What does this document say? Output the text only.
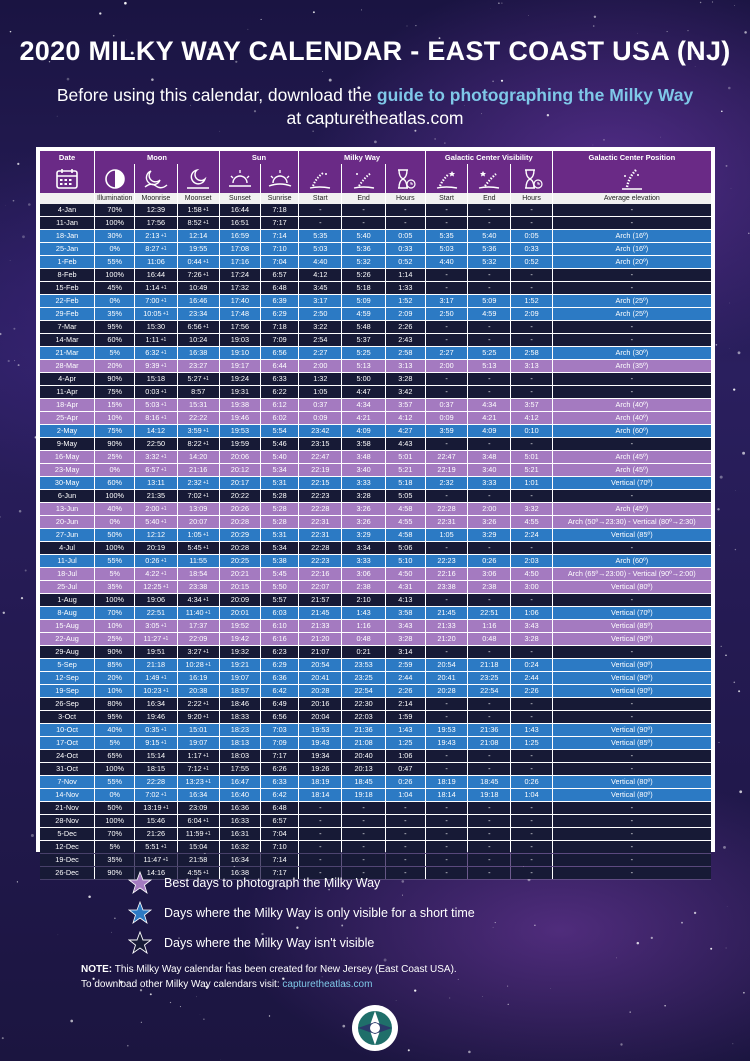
2020 MILKY WAY CALENDAR - EAST COAST USA (NJ)
Before using this calendar, download the guide to photographing the Milky Way
at capturetheatlas.com
Date	Moon			Sun		Milky Way			Galactic Center Visibility			Galactic Center Position

	Illumination	Moonrise	Moonset	Sunset	Sunrise	Start	End	Hours	Start	End	Hours	Average elevation
4-Jan	70%	12:39	1:58 $^{+1}$	16:44	7:18	-	-	-	-	-	-	-
11-Jan	100%	17:56	8:52 $^{+1}$	16:51	7:17	-	-	-	-	-	-	-
18-Jan	30%	2:13 $^{+1}$	12:14	16:59	7:14	5:35	5:40	0:05	5:35	5:40	0:05	Arch (16º)
25-Jan	0%	8:27 $^{+1}$	19:55	17:08	7:10	5:03	5:36	0:33	5:03	5:36	0:33	Arch (16º)
1-Feb	55%	11:06	0:44 $^{+1}$	17:16	7:04	4:40	5:32	0:52	4:40	5:32	0:52	Arch (20º)
8-Feb	100%	16:44	7:26 $^{+1}$	17:24	6:57	4:12	5:26	1:14	-	-	-	-
15-Feb	45%	1:14 $^{+1}$	10:49	17:32	6:48	3:45	5:18	1:33	-	-	-	-
22-Feb	0%	7:00 $^{+1}$	16:46	17:40	6:39	3:17	5:09	1:52	3:17	5:09	1:52	Arch (25º)
29-Feb	35%	10:05 $^{+1}$	23:34	17:48	6:29	2:50	4:59	2:09	2:50	4:59	2:09	Arch (25º)
7-Mar	95%	15:30	6:56 $^{+1}$	17:56	7:18	3:22	5:48	2:26	-	-	-	-
14-Mar	60%	1:11 $^{+1}$	10:24	19:03	7:09	2:54	5:37	2:43	-	-	-	-
21-Mar	5%	6:32 $^{+1}$	16:38	19:10	6:56	2:27	5:25	2:58	2:27	5:25	2:58	Arch (30º)
28-Mar	20%	9:39 $^{+1}$	23:27	19:17	6:44	2:00	5:13	3:13	2:00	5:13	3:13	Arch (35º)
4-Apr	90%	15:18	5:27 $^{+1}$	19:24	6:33	1:32	5:00	3:28	-	-	-	-
11-Apr	75%	0:03 $^{+1}$	8:57	19:31	6:22	1:05	4:47	3:42	-	-	-	-
18-Apr	15%	5:03 $^{+1}$	15:31	19:38	6:12	0:37	4:34	3:57	0:37	4:34	3:57	Arch (40º)
25-Apr	10%	8:16 $^{+1}$	22:22	19:46	6:02	0:09	4:21	4:12	0:09	4:21	4:12	Arch (40º)
2-May	75%	14:12	3:59 $^{+1}$	19:53	5:54	23:42	4:09	4:27	3:59	4:09	0:10	Arch (60º)
9-May	90%	22:50	8:22 $^{+1}$	19:59	5:46	23:15	3:58	4:43	-	-	-	-
16-May	25%	3:32 $^{+1}$	14:20	20:06	5:40	22:47	3:48	5:01	22:47	3:48	5:01	Arch (45º)
23-May	0%	6:57 $^{+1}$	21:16	20:12	5:34	22:19	3:40	5:21	22:19	3:40	5:21	Arch (45º)
30-May	60%	13:11	2:32 $^{+1}$	20:17	5:31	22:15	3:33	5:18	2:32	3:33	1:01	Vertical (70º)
6-Jun	100%	21:35	7:02 $^{+1}$	20:22	5:28	22:23	3:28	5:05	-	-	-	-
13-Jun	40%	2:00 $^{+1}$	13:09	20:26	5:28	22:28	3:26	4:58	22:28	2:00	3:32	Arch (45º)
20-Jun	0%	5:40 $^{+1}$	20:07	20:28	5:28	22:31	3:26	4:55	22:31	3:26	4:55	Arch (50º→23:30) - Vertical (80º→2:30)
27-Jun	50%	12:12	1:05 $^{+1}$	20:29	5:31	22:31	3:29	4:58	1:05	3:29	2:24	Vertical (85º)
4-Jul	100%	20:19	5:45 $^{+1}$	20:28	5:34	22:28	3:34	5:06	-	-	-	-
11-Jul	55%	0:26 $^{+1}$	11:55	20:25	5:38	22:23	3:33	5:10	22:23	0:26	2:03	Arch (60º)
18-Jul	5%	4:22 $^{+1}$	18:54	20:21	5:45	22:16	3:06	4:50	22:16	3:06	4:50	Arch (65º→23:00) - Vertical (90º→2:00)
25-Jul	35%	12:25 $^{+1}$	23:38	20:15	5:50	22:07	2:38	4:31	23:38	2:38	3:00	Vertical (80º)
1-Aug	100%	19:06	4:34 $^{+1}$	20:09	5:57	21:57	2:10	4:13	-	-	-	-
8-Aug	70%	22:51	11:40 $^{+1}$	20:01	6:03	21:45	1:43	3:58	21:45	22:51	1:06	Vertical (70º)
15-Aug	10%	3:05 $^{+1}$	17:37	19:52	6:10	21:33	1:16	3:43	21:33	1:16	3:43	Vertical (85º)
22-Aug	25%	11:27 $^{+1}$	22:09	19:42	6:16	21:20	0:48	3:28	21:20	0:48	3:28	Vertical (90º)
29-Aug	90%	19:51	3:27 $^{+1}$	19:32	6:23	21:07	0:21	3:14	-	-	-	-
5-Sep	85%	21:18	10:28 $^{+1}$	19:21	6:29	20:54	23:53	2:59	20:54	21:18	0:24	Vertical (90º)
12-Sep	20%	1:49 $^{+1}$	16:19	19:07	6:36	20:41	23:25	2:44	20:41	23:25	2:44	Vertical (90º)
19-Sep	10%	10:23 $^{+1}$	20:38	18:57	6:42	20:28	22:54	2:26	20:28	22:54	2:26	Vertical (90º)
26-Sep	80%	16:34	2:22 $^{+1}$	18:46	6:49	20:16	22:30	2:14	-	-	-	-
3-Oct	95%	19:46	9:20 $^{+1}$	18:33	6:56	20:04	22:03	1:59	-	-	-	-
10-Oct	40%	0:35 $^{+1}$	15:01	18:23	7:03	19:53	21:36	1:43	19:53	21:36	1:43	Vertical (90º)
17-Oct	5%	9:15 $^{+1}$	19:07	18:13	7:09	19:43	21:08	1:25	19:43	21:08	1:25	Vertical (85º)
24-Oct	65%	15:14	1:17 $^{+1}$	18:03	7:17	19:34	20:40	1:06	-	-	-	-
31-Oct	100%	18:15	7:12 $^{+1}$	17:55	6:26	19:26	20:13	0:47	-	-	-	-
7-Nov	55%	22:28	13:23 $^{+1}$	16:47	6:33	18:19	18:45	0:26	18:19	18:45	0:26	Vertical (80º)
14-Nov	0%	7:02 $^{+1}$	16:34	16:40	6:42	18:14	19:18	1:04	18:14	19:18	1:04	Vertical (80º)
21-Nov	50%	13:19 $^{+1}$	23:09	16:36	6:48	-	-	-	-	-	-	-
28-Nov	100%	15:46	6:04 $^{+1}$	16:33	6:57	-	-	-	-	-	-	-
5-Dec	70%	21:26	11:59 $^{+1}$	16:31	7:04	-	-	-	-	-	-	-
12-Dec	5%	5:51 $^{+1}$	15:04	16:32	7:10	-	-	-	-	-	-	-
19-Dec	35%	11:47 $^{+1}$	21:58	16:34	7:14	-	-	-	-	-	-	-
26-Dec	90%	14:16	4:55 $^{+1}$	16:38	7:17	-	-	-	-	-	-	-
Best days to photograph the Milky Way
Days where the Milky Way is only visible for a short time
Days where the Milky Way isn't visible
NOTE: This Milky Way calendar has been created for New Jersey (East Coast USA).
To download other Milky Way calendars visit: capturetheatlas.com
